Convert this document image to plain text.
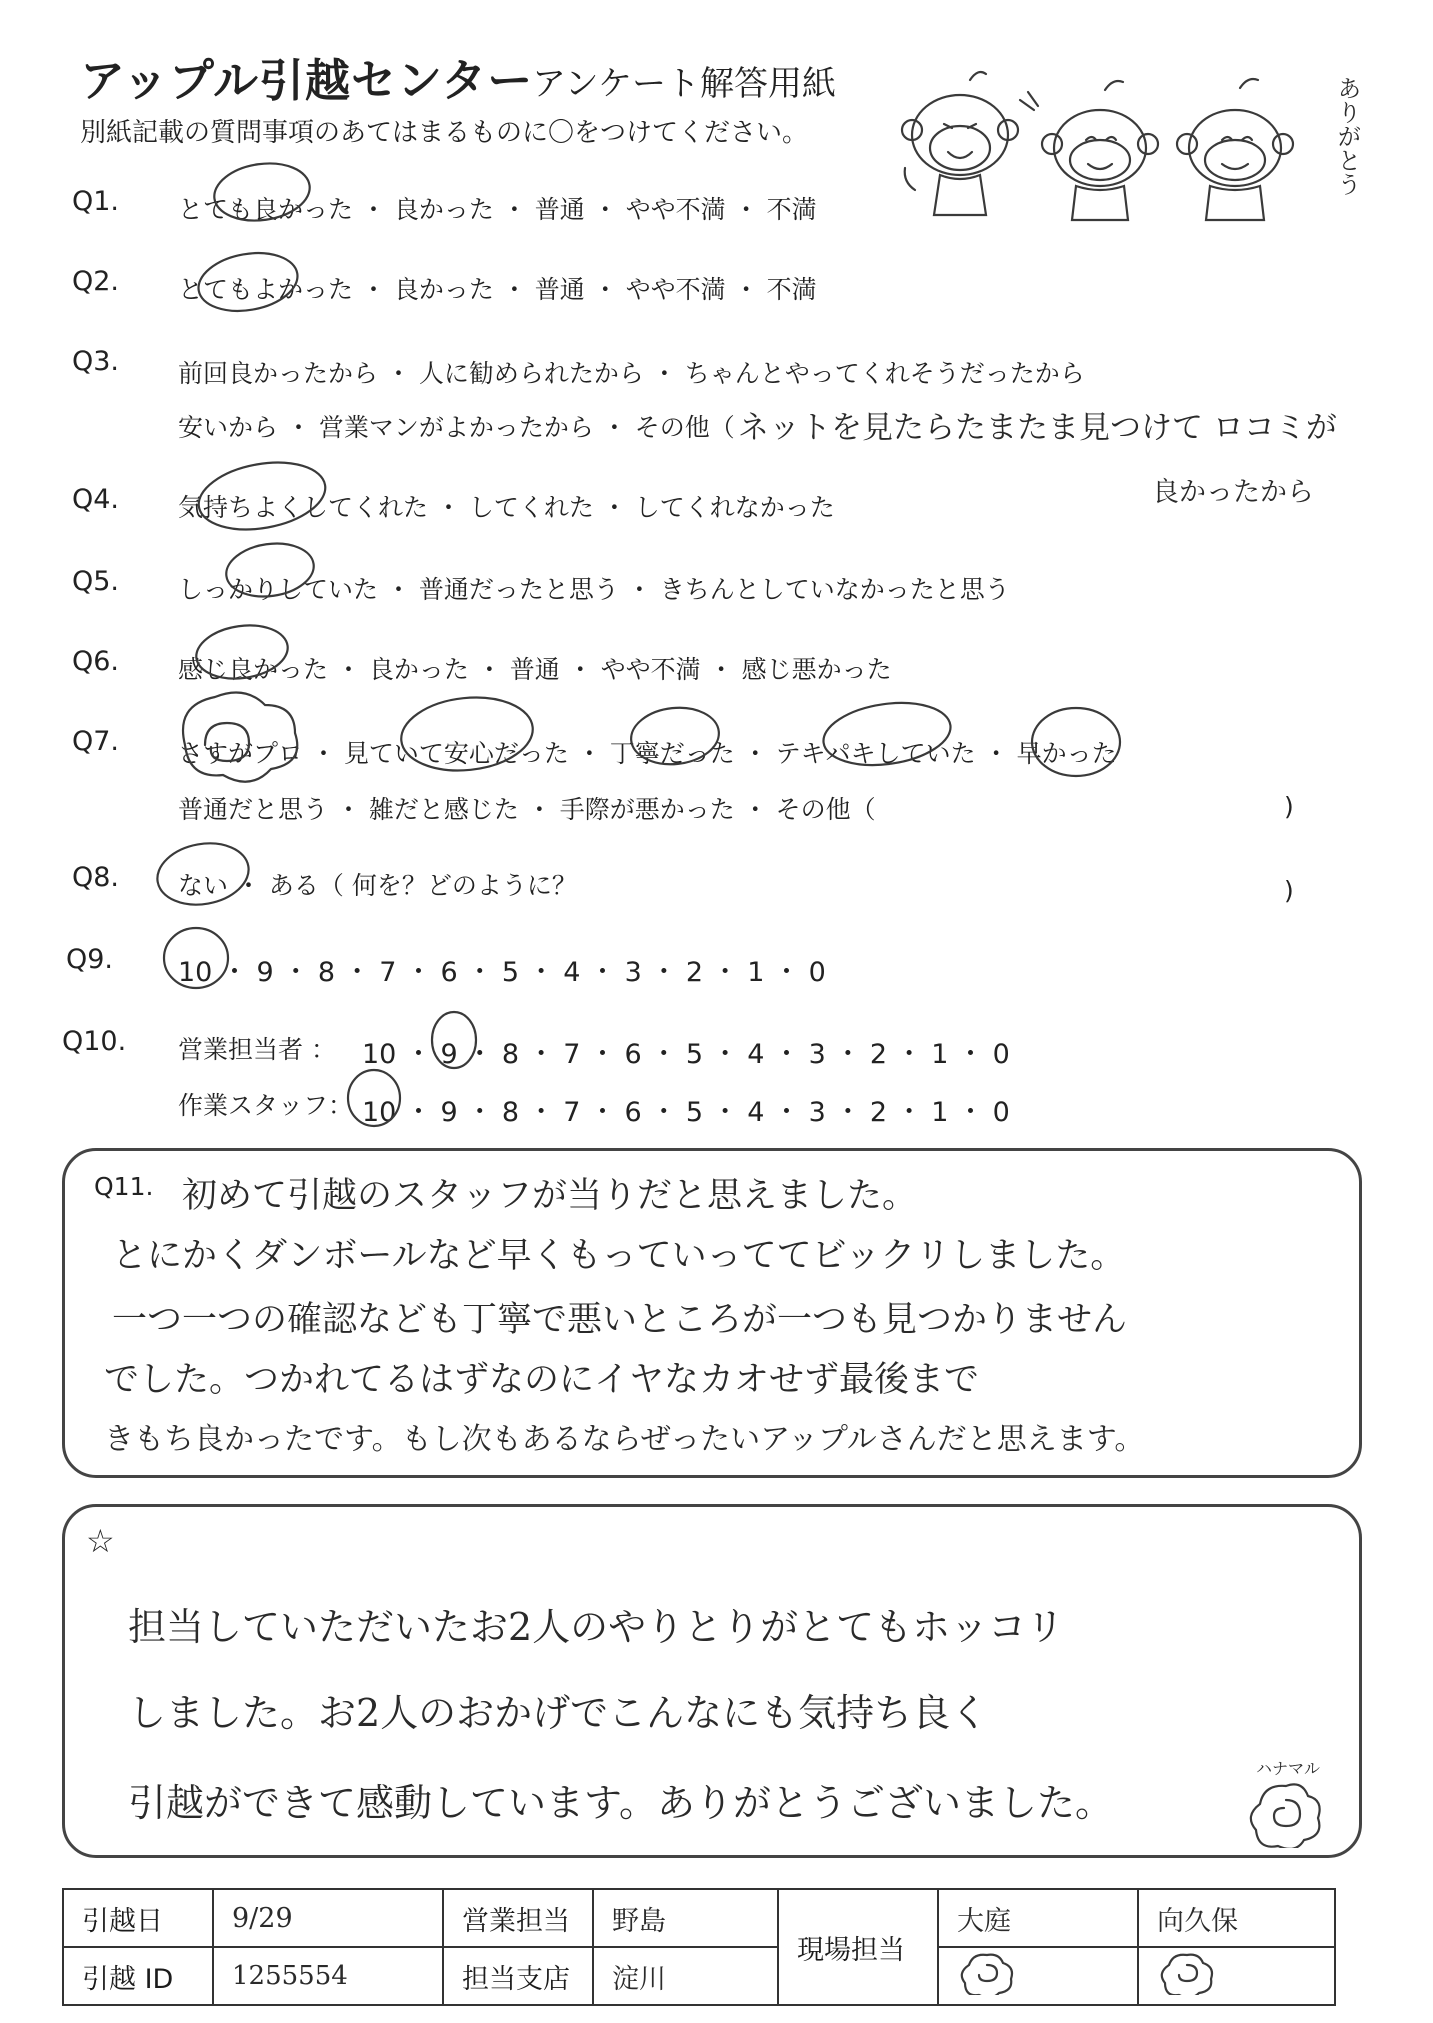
アップル引越センター
アンケート解答用紙
別紙記載の質問事項のあてはまるものに〇をつけてください。	ありがとう
Q1. とても良かった ・ 良かった ・ 普通 ・ やや不満 ・ 不満
Q2. とてもよかった ・ 良かった ・ 普通 ・ やや不満 ・ 不満
Q3. 前回良かったから ・ 人に勧められたから ・ ちゃんとやってくれそうだったから
安いから ・ 営業マンがよかったから ・ その他（ ネットを見たらたまたま見つけて ロコミが
良かったから
Q4. 気持ちよくしてくれた ・ してくれた ・ してくれなかった
Q5. しっかりしていた ・ 普通だったと思う ・ きちんとしていなかったと思う
Q6. 感じ良かった ・ 良かった ・ 普通 ・ やや不満 ・ 感じ悪かった
Q7. さすがプロ ・ 見ていて安心だった ・ 丁寧だった ・ テキパキしていた ・ 早かった
普通だと思う ・ 雑だと感じた ・ 手際が悪かった ・ その他（	)
Q8. ない ・ ある（ 何を？どのように？	)
Q9. 10 ・ 9 ・ 8 ・ 7 ・ 6 ・ 5 ・ 4 ・ 3 ・ 2 ・ 1 ・ 0
Q10. 営業担当者 ： 10 ・ 9 ・ 8 ・ 7 ・ 6 ・ 5 ・ 4 ・ 3 ・ 2 ・ 1 ・ 0
作業スタッフ： 10 ・ 9 ・ 8 ・ 7 ・ 6 ・ 5 ・ 4 ・ 3 ・ 2 ・ 1 ・ 0
Q11. 初めて引越のスタッフが当りだと思えました。
とにかくダンボールなど早くもっていっててビックリしました。
一つ一つの確認なども丁寧で悪いところが一つも見つかりません
でした。つかれてるはずなのにイヤなカオせず最後まで
きもち良かったです。もし次もあるならぜったいアップルさんだと思えます。
☆
担当していただいたお2人のやりとりがとてもホッコリ
しました。お2人のおかげでこんなにも気持ち良く
引越ができて感動しています。ありがとうございました。
ハナマル
引越日	9/29	営業担当	野島	現場担当	大庭	向久保
引越 ID	1255554	担当支店	淀川		
